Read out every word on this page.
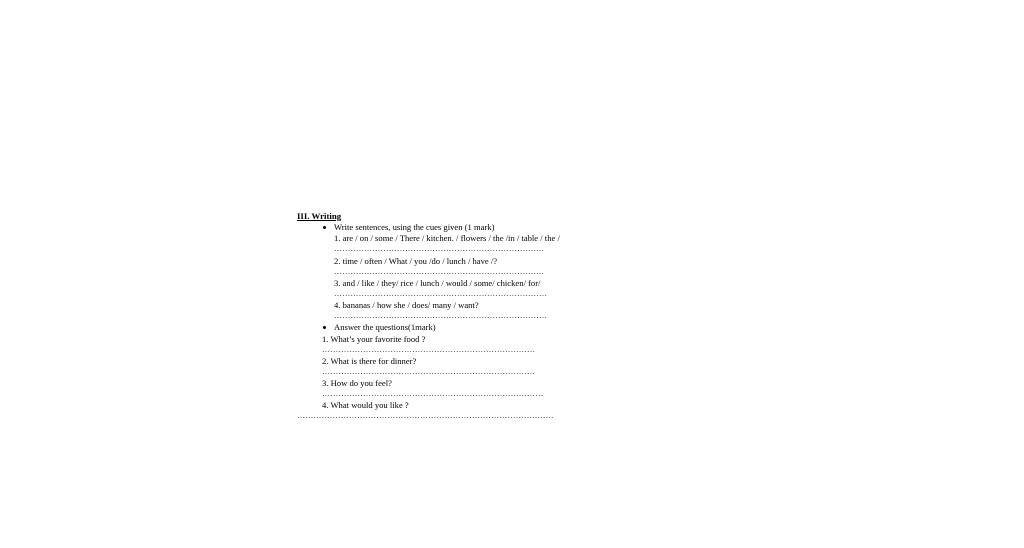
III. Writing
Write sentences, using the cues given (1 mark)
1. are / on / some / There / kitchen. / flowers / the /in / table / the /
…………………………………………………………………..
2. time / often / What / you /do / lunch / have /?
…………………………………………………………………..
3. and / like / they/ rice / lunch / would / some/ chicken/ for/
……………………………………………………………………
4. bananas / how she / does/ many / want?
……………………………………………………………………
Answer the questions(1mark)
1. What’s your favorite food ?
……………………………………………………………………
2. What is there for dinner?
……………………………………………………………………
3. How do you feel?
………………………………………………………………………
4. What would you like ?
………………………………………………………………………………….
